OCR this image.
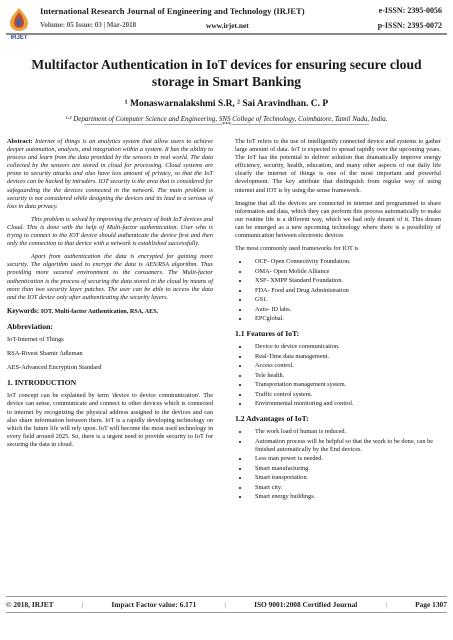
IRJET
International Research Journal of Engineering and Technology (IRJET)	e-ISSN: 2395-0056
Volume: 05 Issue: 03 | Mar-2018	www.irjet.net	p-ISSN: 2395-0072
Multifactor Authentication in IoT devices for ensuring secure cloud storage in Smart Banking
¹ Monaswarnalakshmi S.R, ² Sai Aravindhan. C. P
¹·² Department of Computer Science and Engineering, SNS College of Technology, Coimbatore, Tamil Nadu, India.
---------------------------------------------------------------------***---------------------------------------------------------------------

Abstract: Internet of things is an analytics system that allow users to achieve deeper automation, analysis, and integration within a system. It has the ability to process and learn from the data provided by the sensors in real world. The data collected by the sensors are stored in cloud for processing. Cloud systems are prone to security attacks and also have less amount of privacy, so that the IoT devices can be hacked by intruders. IOT security is the area that is considered for safeguarding the the devices connected in the network. The main problem is security is not considered while designing the devices and its lead to a serious of loss in data privacy.

This problem is solved by improving the privacy of both IoT devices and Cloud. This is done with the help of Multi-factor authentication. User who is trying to connect to the IOT device should authenticate the device first and then only the connection to that device with a network is established successfully.

Apart from authentication the data is encrypted for gaining more security. The algorithm used to encrypt the data is AES/RSA algorithm. Thus providing more secured environment to the consumers. The Multi-factor authentication is the process of securing the data stored in the cloud by means of more than two security layer patches. The user can be able to access the data and the IOT device only after authenticating the security layers.

Keywords: IOT, Multi-factor Authentication, RSA, AES.
Abbreviation:

IoT-Internet of Things

RSA-Rivest Shamir Adleman

AES-Advanced Encryption Standard

1. INTRODUCTION

IoT concept can be explained by term 'device to device communication'. The device can sense, communicate and connect to other devices which is connected to internet by recognizing the physical address assigned to the devices and can also share information between them. IoT is a rapidly developing technology on which the future life will rely upon. IoT will become the most used technology in every field around 2025. So, there is a urgent need to provide security to IoT for securing the data in cloud.

The IoT refers to the use of intelligently connected device and systems to gather large amount of data. IoT is expected to spread rapidly over the upcoming years. The IoT has the potential to deliver solution that dramatically improve energy efficiency, security, health, education, and many other aspects of our daily life clearly the internet of things is one of the most important and powerful development. The key attribute that distinguish from regular way of using internet and IOT is by using the sense framework.

Imagine that all the devices are connected in internet and programmed to share information and data, which they can perform this process automatically to make our routine life is a different way, which we had only dreamt of it. This dream can be emerged as a new upcoming technology where there is a possibility of communication between electronic devices

The most commonly used frameworks for IOT is

• OCF- Open Connectivity Foundation.
• OMA- Open Mobile Alliance
• XSF- XMPP Standard Foundation.
• FDA- Food and Drug Administration
• GS1.
• Auto- ID labs.
• EPCglobal.
1.1 Features of IoT:
• Device to device communication.
• Real-Time data management.
• Access control.
• Tele health.
• Transportation management system.
• Traffic control system.
• Environmental monitoring and control.
1.2 Advantages of IoT:
• The work load of human is reduced.
• Automation process will be helpful so that the work to be done, can be finished automatically by the End devices.
• Less man power is needed.
• Smart manufacturing.
• Smart transportation.
• Smart city.
• Smart energy buildings.
© 2018, IRJET	|	Impact Factor value: 6.171	|	ISO 9001:2008 Certified Journal	|	Page 1307
